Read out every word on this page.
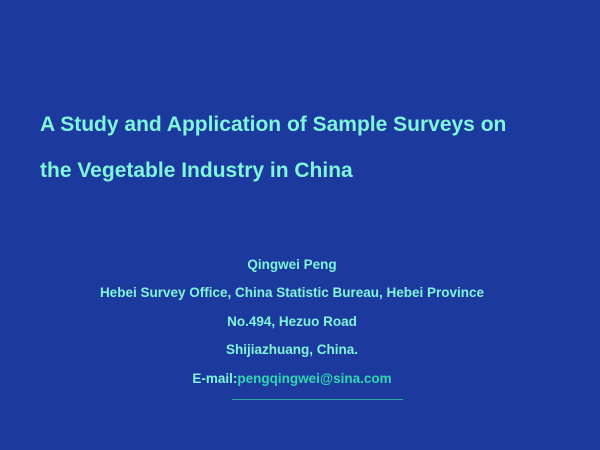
A Study and Application of Sample Surveys on
the Vegetable Industry in China
Qingwei Peng
Hebei Survey Office, China Statistic Bureau, Hebei Province
No.494, Hezuo Road
Shijiazhuang, China.
E-mail:pengqingwei@sina.com
